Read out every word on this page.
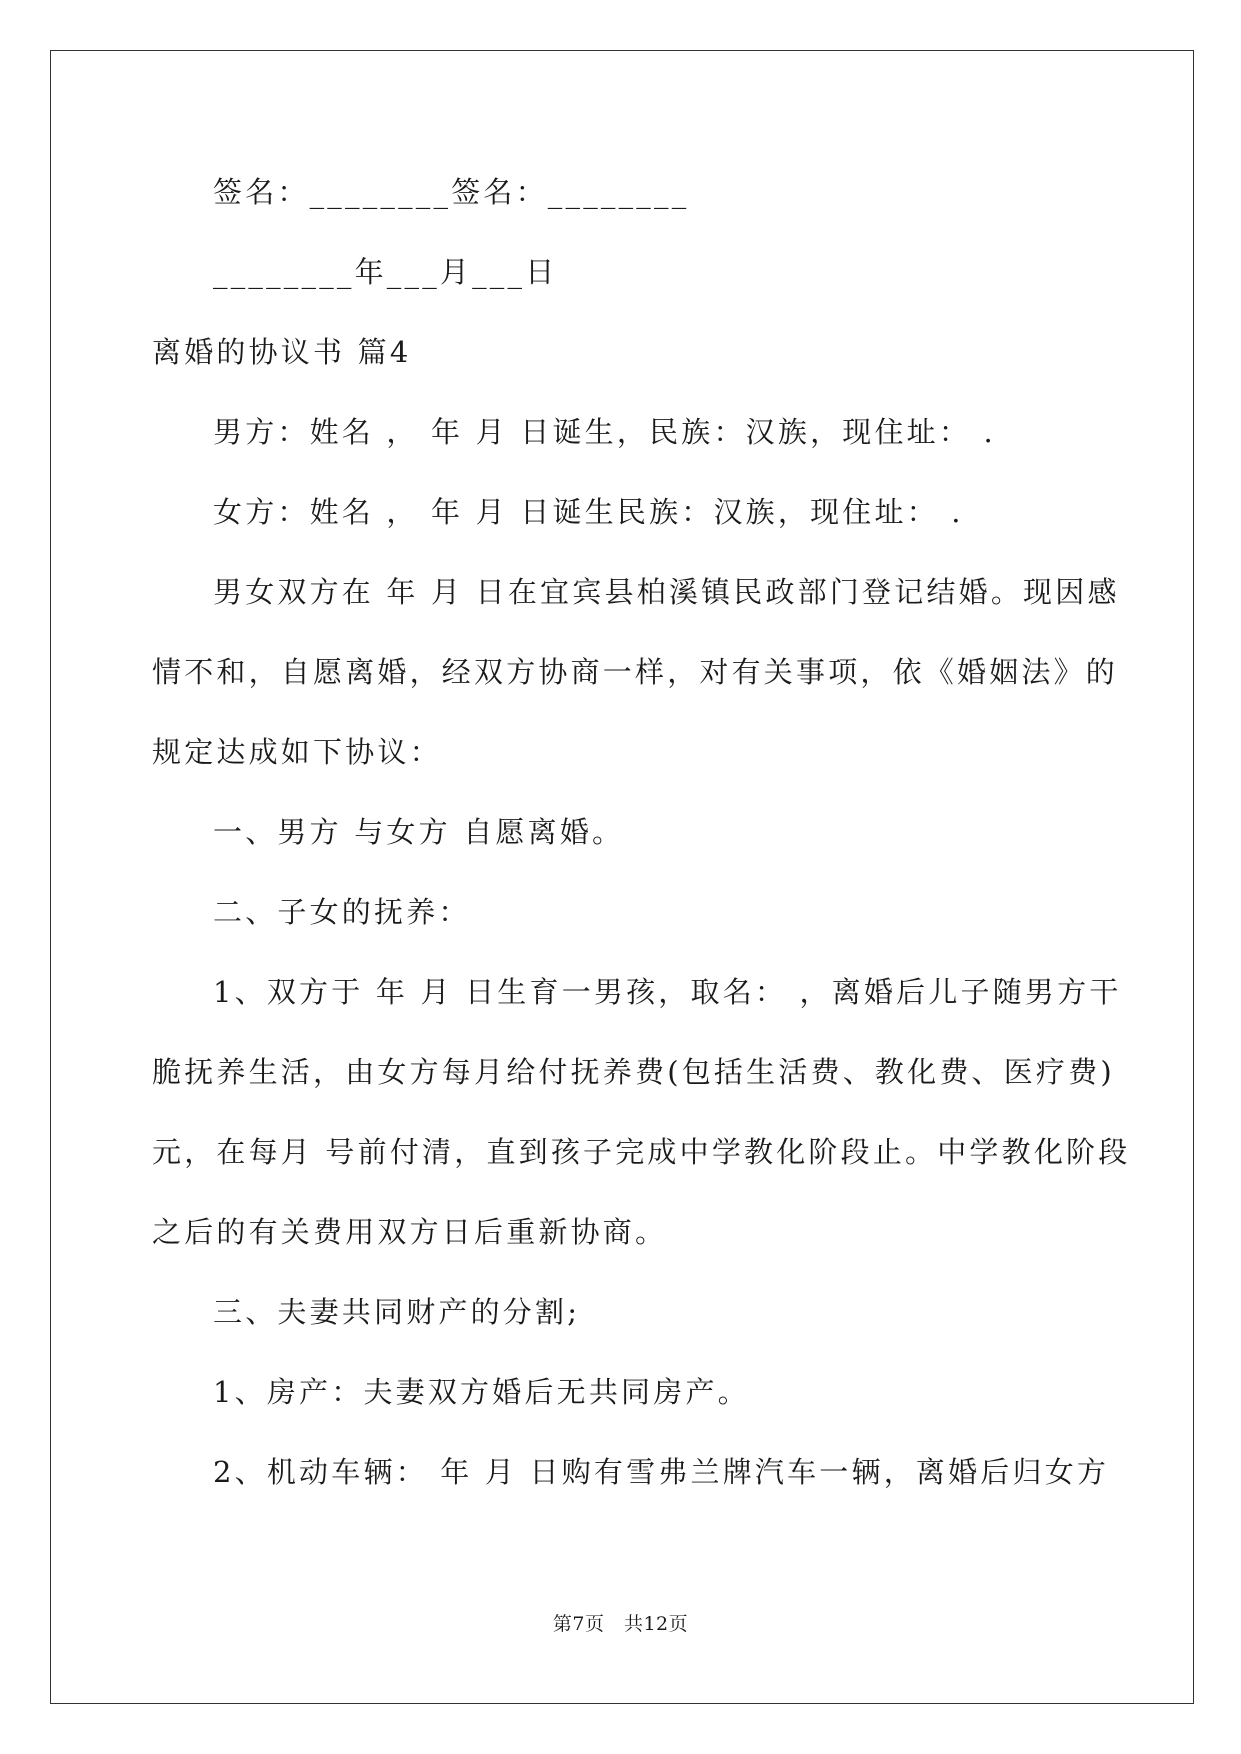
签名：________签名：________
________年___月___日
离婚的协议书 篇4
男方：姓名 ， 年 月 日诞生，民族：汉族，现住址： .
女方：姓名 ， 年 月 日诞生民族：汉族，现住址： .
男女双方在 年 月 日在宜宾县柏溪镇民政部门登记结婚。现因感
情不和，自愿离婚，经双方协商一样，对有关事项，依《婚姻法》的
规定达成如下协议：
一、男方 与女方 自愿离婚。
二、子女的抚养：
1、双方于 年 月 日生育一男孩，取名： ，离婚后儿子随男方干
脆抚养生活，由女方每月给付抚养费(包括生活费、教化费、医疗费)
元，在每月 号前付清，直到孩子完成中学教化阶段止。中学教化阶段
之后的有关费用双方日后重新协商。
三、夫妻共同财产的分割;
1、房产：夫妻双方婚后无共同房产。
2、机动车辆： 年 月 日购有雪弗兰牌汽车一辆，离婚后归女方
第7页　共12页
